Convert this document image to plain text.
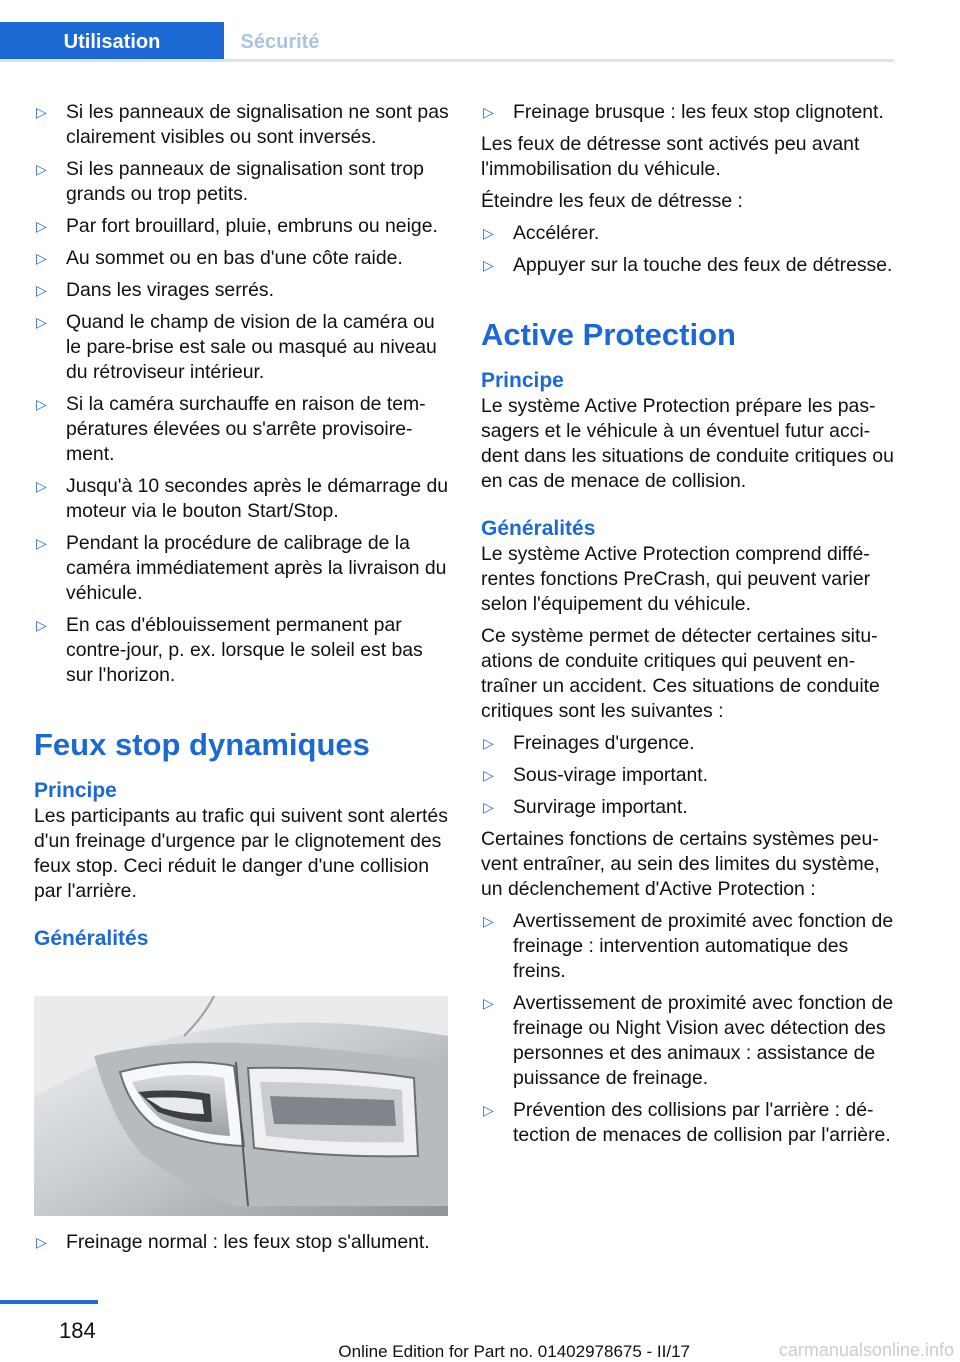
Utilisation	Sécurité
▷ Si les panneaux de signalisation ne sont pas clairement visibles ou sont inversés.
▷ Si les panneaux de signalisation sont trop grands ou trop petits.
▷ Par fort brouillard, pluie, embruns ou neige.
▷ Au sommet ou en bas d'une côte raide.
▷ Dans les virages serrés.
▷ Quand le champ de vision de la caméra ou le pare-brise est sale ou masqué au niveau du rétroviseur intérieur.
▷ Si la caméra surchauffe en raison de températures élevées ou s'arrête provisoirement.
▷ Jusqu'à 10 secondes après le démarrage du moteur via le bouton Start/Stop.
▷ Pendant la procédure de calibrage de la caméra immédiatement après la livraison du véhicule.
▷ En cas d'éblouissement permanent par contre-jour, p. ex. lorsque le soleil est bas sur l'horizon.
Feux stop dynamiques
Principe

Les participants au trafic qui suivent sont alertés d'un freinage d'urgence par le clignotement des feux stop. Ceci réduit le danger d'une collision par l'arrière.

Généralités
▷ Freinage normal : les feux stop s'allument.
▷ Freinage brusque : les feux stop clignotent.

Les feux de détresse sont activés peu avant l'immobilisation du véhicule.

Éteindre les feux de détresse :

▷ Accélérer.
▷ Appuyer sur la touche des feux de détresse.
Active Protection
Principe

Le système Active Protection prépare les passagers et le véhicule à un éventuel futur accident dans les situations de conduite critiques ou en cas de menace de collision.

Généralités

Le système Active Protection comprend différentes fonctions PreCrash, qui peuvent varier selon l'équipement du véhicule.

Ce système permet de détecter certaines situations de conduite critiques qui peuvent entraîner un accident. Ces situations de conduite critiques sont les suivantes :

▷ Freinages d'urgence.
▷ Sous-virage important.
▷ Survirage important.

Certaines fonctions de certains systèmes peuvent entraîner, au sein des limites du système, un déclenchement d'Active Protection :

▷ Avertissement de proximité avec fonction de freinage : intervention automatique des freins.
▷ Avertissement de proximité avec fonction de freinage ou Night Vision avec détection des personnes et des animaux : assistance de puissance de freinage.
▷ Prévention des collisions par l'arrière : détection de menaces de collision par l'arrière.
184
Online Edition for Part no. 01402978675 - II/17	carmanualsonline.info
